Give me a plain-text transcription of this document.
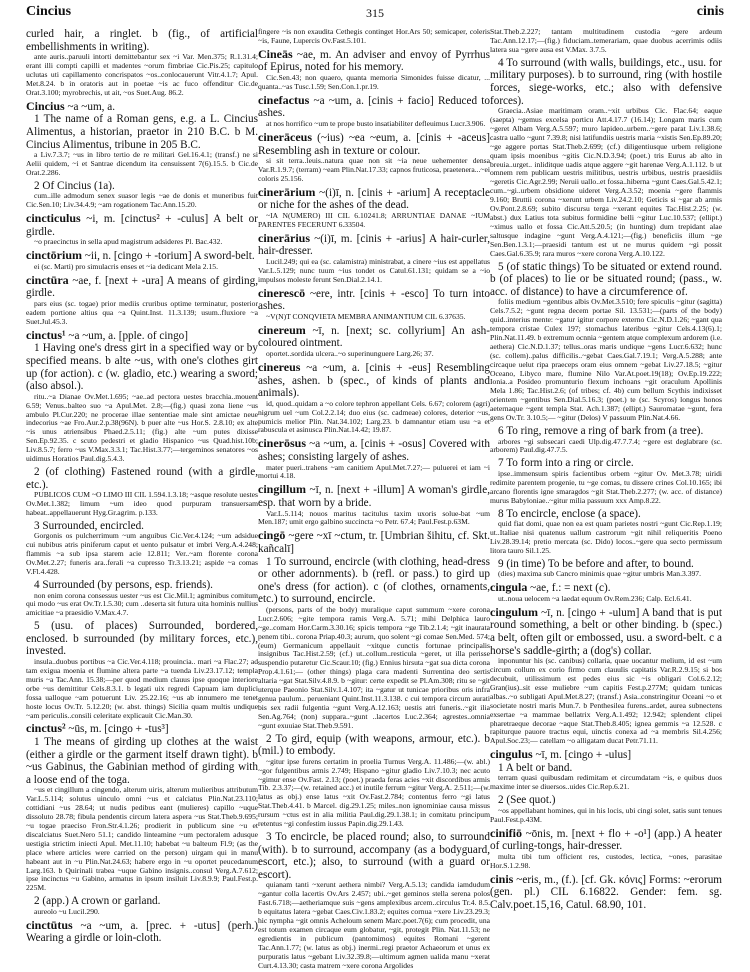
Cincius	315	cinis

curled hair, a ringlet. b (fig., of artificial embellishments in writing).

ante auris..paruuli intorti demittebantur sex ~i Var. Men.375; R.1.31.4; erant illi compti capilli et madentes ~orum fimbriae Cic.Pis.25; capitulo uclutas uti capillamento concrispatos ~os..conlocauerunt Vitr.4.1.7; Apul. Met.8.24. b in oratoris aut in poetae ~is ac fuco offenditur Cic.de Orat.3.100; myrobrechis, ut ait, ~os Suet.Aug. 86.2.

Cincius ~a ~um, a.

1 The name of a Roman gens, e.g. a L. Cincius Alimentus, a historian, praetor in 210 B.C. b M. Cincius Alimentus, tribune in 205 B.C.

a Liv.7.3.7; ~us in libro tertio de re militari Gel.16.4.1; (transf.) ne si Aelii quidem, ~i et Santrae dicendum ita censuissent 7(6).15.5. b Cic.de Orat.2.286.

2 Of Cincius (1a).

cum..ille admodum senex suasor legis ~ae de donis et muneribus fuit Cic.Sen.10; Liv.34.4.9; ~am rogationem Tac.Ann.15.20.

cincticulus ~i, m. [cinctus² + -culus] A belt or girdle.

~o praecinctus in sella apud magistrum adsideres Pl. Bac.432.

cinctōrium ~ii, n. [cingo + -torium] A sword-belt.

ei (sc. Marti) pro simulacris enses et ~ia dedicant Mela 2.15.

cinctūra ~ae, f. [next + -ura] A means of girding, girdle.

pars eius (sc. togae) prior mediis cruribus optime terminatur, posterior eadem portione altius qua ~a Quint.Inst. 11.3.139; usum..fluxiore ~a Suet.Jul.45.3.

cinctus¹ ~a ~um, a. [pple. of cingo]

1 Having one's dress girt in a specified way or by specified means. b alte ~us, with one's clothes girt up (for action). c (w. gladio, etc.) wearing a sword; (also absol.).

ritu..~a Dianae Ov.Met.1.695; ~ae..ad pectora uestes bracchia..mouent 6.59; Venus..balteo suo ~a Apul.Met. 2.8;—(fig.) quasi zona liene ~us ambulo Pl.Cur.220; ne procerae illae sententiae male sint amictae neue indecorius ~ae Fro.Aur.2.p.38(96N). b puer alte ~us Hor.S. 2.8.10; ex alte ~is unus atriensibus Phaed.2.5.11; (fig.) alte ~um putes dixisse Sen.Ep.92.35. c scuto pedestri et gladio Hispanico ~us Quad.hist.10b; Liv.8.5.7; ferro ~us V.Max.3.3.1; Tac.Hist.3.77;—tergeminos senatores ~os uidimus Horatios Paul.dig.5.4.3.

2 (of clothing) Fastened round (with a girdle, etc.).

PUBLICOS CUM ~O LIMO III CIL 1.594.1.3.18; ~asque resolute uestes Ov.Met.1.382; limum ~um ideo quod purpuram transuersam habeat..appellauerunt Hyg.Gr.agrim. p.133.

3 Surrounded, encircled.

Gorgonis os pulcherrimum ~um anguibus Cic.Ver.4.124; ~um adsidue cui nubibus atris piniferum caput et uento pulsatur et imbri Verg.A.4.248; flammis ~a sub ipsa starem acie 12.811; Ver..~am florente corona Ov.Met.2.27; funeris ara..ferali ~a cupresso Tr.3.13.21; aspide ~a comas V.Fl.4.428.

4 Surrounded (by persons, esp. friends).

non enim corona consessus uester ~us est Cic.Mil.1; agminibus comitum qui modo ~us erat Ov.Tr.1.5.30; cum ..deserta sit futura uita hominis nullius amicitiae ~a praesidio V.Max.4.7.

5 (usu. of places) Surrounded, bordered, enclosed. b surrounded (by military forces, etc.), invested.

insula..duobus portibus ~a Cic.Ver.4.118; prouincia.. mari ~a Flac.27; ad tam exigua moenia et flumine altera parte ~a tuenda Liv.23.17.12; templa muris ~a Tac.Ann. 15.38;—per quod medium clauus ipse quoque interiore orbe ~us demittitur Cels.8.3.1. b legati uix regredi Capuam iam duplici fossa ualloque ~am potuerunt Liv. 25.22.16; ~us ab innumero me tenet hoste locus Ov.Tr. 5.12.20; (w. abst. things) Sicilia quam multis undique ~am periculis..consili celeritate explicauit Cic.Man.30.

cinctus² ~ūs, m. [cingo + -tus³]

1 The means of girding up clothes at the waist (either a girdle or the garment itself drawn tight). b ~us Gabinus, the Gabinian method of girding with a loose end of the toga.

~us et cingillum a cingendo, alterum uiris, alterum mulieribus attributum Var.L.5.114; solutus uinculo omni ~us et calciatus Plin.Nat.23.110; cottidiani ~us 28.64; ut nudis pedibus eant (mulieres) capillo ~uque dissoluto 28.78; fibula pendentis circum latera aspera ~us Stat.Theb.9.695; ~u togae praeciso Fron.Str.4.1.26; prodierit in publicum sine ~u et discalciatus Suet.Nero 51.1; candido linteamine ~um pectoralem adusque uestigia strictim iniecti Apul. Met.11.10; habebat ~u balteum Fl.9; (as the place where articles were carried on the person) uirgam qui in manu habeant aut in ~u Plin.Nat.24.63; habere ergo in ~u oportet peucedanum Larg.163. b Quirinali trabea ~uque Gabino insignis..consul Verg.A.7.612; ipse incinctus ~u Gabino, armatus in ipsum insiluit Liv.8.9.9; Paul.Fest.p. 225M.

2 (app.) A crown or garland.

aureolo ~u Lucil.290.

cinctūtus ~a ~um, a. [prec. + -utus] (perh.) Wearing a girdle or loin-cloth.

fingere ~is non exaudita Cethegis continget Hor.Ars 50; semicaper, coleris ~is, Faune, Lupercis Ov.Fast.5.101.

Cineās ~ae, m. An adviser and envoy of Pyrrhus of Epirus, noted for his memory.

Cic.Sen.43; non quaero, quanta memoria Simonides fuisse dicatur, ... quanta..~as Tusc.1.59; Sen.Con.1.pr.19.

cinefactus ~a ~um, a. [cinis + facio] Reduced to ashes.

at nos horrifico ~um te prope busto insatiabiliter defleuimus Lucr.3.906.

cinerāceus (~ius) ~ea ~eum, a. [cinis + -aceus] Resembling ash in texture or colour.

si sit terra..leuis..natura quae non sit ~ia neue uehementer densa Var.R.1.9.7; (terram) ~eam Plin.Nat.17.33; capnos fruticosa, praetenera...~ei coloris 25.156.

cinerārium ~(i)ī, n. [cinis + -arium] A receptacle or niche for the ashes of the dead.

~IA N(UMERO) III CIL 6.10241.8; ARRUNTIAE DANAE ~IUM PARENTES FECERUNT 6.33504.

cinerārius ~(i)ī, m. [cinis + -arius] A hair-curler, hair-dresser.

Lucil.249; qui ea (sc. calamistra) ministrabat, a cinere ~ius est appellatus Var.L.5.129; nunc tuum ~ius tondet os Catul.61.131; quidam se a ~io impulsos moleste ferunt Sen.Dial.2.14.1.

cinerescō ~ere, intr. [cinis + -esco] To turn into ashes.

~V(N)T CONQVIETA MEMBRA ANIMANTIUM CIL 6.37635.

cinereum ~ī, n. [next; sc. collyrium] An ash-coloured ointment.

oportet..sordida ulcera..~o superinunguere Larg.26; 37.

cinereus ~a ~um, a. [cinis + -eus] Resembling ashes, ashen. b (spec., of kinds of plants and animals).

id, quod..quidam a ~o colore tephron appellant Cels. 6.67; colorem (agri) nigrum uel ~um Col.2.2.14; duo eius (sc. cadmeae) colores, deterior ~us, pumicis melior Plin. Nat.34.102; Larg.23. b damnantur etiam usu ~a et rabuscula et asinusca Plin.Nat.14.42; 19.87.

cinerōsus ~a ~um, a. [cinis + -osus] Covered with ashes; consisting largely of ashes.

mater pueri..trahens ~am canitiem Apul.Met.7.27;— puluerei et iam ~i mortui 4.18.

cingillum ~ī, n. [next + -illum] A woman's girdle, esp. that worn by a bride.

Var.L.5.114; nouos maritus tacitulus taxim uxoris solue-bat ~um Men.187; umit ergo galbino succincta ~o Petr. 67.4; Paul.Fest.p.63M.

cingō ~gere ~xī ~ctum, tr. [Umbrian šihitu, cf. Skt. kañcalī]

1 To surround, encircle (with clothing, head-dress or other adornments). b (refl. or pass.) to gird up one's dress (for action). c (of clothes, ornaments, etc.) to surround, encircle.

(persons, parts of the body) muralique caput summum ~xere corona Lucr.2.606; ~gite tempora ramis Verg.A. 5.71; mihi Delphica lauro ~ge..comam Hor.Carm.3.30.16; spicis tempora ~ge Tib.2.1.4; ~git inaurata penem tibi.. corona Priap.40.3; aurum, quo solent ~gi comae Sen.Med. 574; (eum) Germanicum appellauit ~xitque cunctis fortunae principalis insignibus Tac.Hist.2.59; (cf.) ut..collum..resticula ~geret, ut illa perisse suspendio putaretur Cic.Scaur.10; (fig.) Ennius hirsuta ~gat sua dicta corona Prop.4.1.61;— (other things) plaga cara madenti Surrentina deo sertis altaria ~gat Stat.Silv.4.8.9. b ~gitur: certe expedit se Pl.Am.308; ritu se ~git uterque Paeonio Stat.Silv.1.4.107; ita ~gatur ut tunicae prioribus oris infra genua paulum.. perueniant Quint.Inst.11.3.138. c cui tempora circum aurati bis sex radii fulgentia ~gunt Verg.A.12.163; uestis atri funeris..~git ilia Sen.Ag.764; (non) suppara..~gunt ..lacertos Luc.2.364; agrestes..omnia ~gunt exuuiae Stat.Theb.9.591.

2 To gird, equip (with weapons, armour, etc.). b (mil.) to embody.

~gitur ipse furens certatim in proelia Turnus Verg.A. 11.486;—(w. abl.) ~gor fulgentibus armis 2.749; Hispano ~gitur gladio Liv.7.10.3; nec acuto ~gimur ense Ov.Fast. 2.13; (poet.) praeda feras acies ~xit discordibus armis Tib. 2.3.37;—(w. retained acc.) et inutile ferrum ~gitur Verg.A. 2.511;—(w. latus as obj.) ense latus ~xit Ov.Fast.2.784; contentus ferro ~gi latus Stat.Theb.4.41. b Marcel. dig.29.1.25; miles..non ignominiae causa missus rursum ~ctus est in alia militia Paul.dig.29.1.38.1; in comitatu principum retentus ~gi confestim iussus Papin.dig.29.1.43.

3 To encircle, be placed round; also, to surround (with). b to surround, accompany (as a bodyguard, escort, etc.); also, to surround (with a guard or escort).

quianam tanti ~xerunt aethera nimbi? Verg.A.5.13; candida iamdudum ~gantur colla lacertis Ov.Ars 2.457; ubi..~get geminos stella serena polos Fast.6.718;—aetheriamque suis ~gens amplexibus arcem..circulus Tr.4. 8.5. b equitatus latera ~gebat Caes.Civ.1.83.2; equites cornua ~xere Liv.23.29.3; hic nympha ~git omnis Acheloum senem Marc.poet.7(6); cum procedit, una est totum examen circaque eum globatur, ~git, protegit Plin. Nat.11.53; ne egredientis in publicum (pantomimos) equites Romani ~gerent Tac.Ann.1.77; (w. latus as obj.) inermi..regi praetor Achaeorum et unus ex purpuratis latus ~gebant Liv.32.39.8;—ultimum agmen ualida manu ~xerat Curt.4.13.30; casta matrem ~xere corona Argolides

Stat.Theb.2.227; tantam multitudinem custodia ~gere ardeum Tac.Ann.12.17;—(fig.) fiduciam..temerariam, quae duobus acerrimis odiis latera sua ~gere ausa est V.Max. 3.7.5.

4 To surround (with walls, buildings, etc., usu. for military purposes). b to surround, ring (with hostile forces, siege-works, etc.; also with defensive forces).

Graecia..Asiae maritimam oram..~xit urbibus Cic. Flac.64; eaque (saepta) ~gemus excelsa porticu Att.4.17.7 (16.14); Longam maris cum ~geret Albam Verg.A.5.597; muro lapideo..urbem..~gere parat Liv.1.38.6; castra uallo ~gunt 7.39.8; nisi latifundiis uestris maria ~xistis Sen.Ep.89.20; ~ge aggere portas Stat.Theb.2.699; (cf.) diligentiusque urbem religione quam ipsis moenibus ~gitis Cic.N.D.3.94; (poet.) tris Eurus ab alto in breuia..urget.. inliditque uadis atque aggere ~git harenae Verg.A.1.112. b ut omnem rem publicam uestris militibus, uestris urbibus, uestris praesidiis ~geretis Cic.Agr.2.99; Neruii uallo..et fossa..hiberna ~gunt Caes.Gal.5.42.1; cum..~gi..urbem obsidione uideret Verg.A.3.52; moenia ~gere flammis 9.160; Bruttii corona ~xerunt urbem Liv.24.2.10; Geticis si ~gar ab armis Ov.Pont.2.8.69; subito discursu terga ~xerant equites Tac.Hist.2.25; (w. abst.) dux Latius tota subitus formidine belli ~gitur Luc.10.537; (ellipt.) ~ximus uallo et fossa Cic.Att.5.20.5; (in hunting) dum trepidant alae saltusque indagine ~gunt Verg.A.4.121;—(fig.) beneficiis illum ~ge Sen.Ben.1.3.1;—praesidi tantum est ut ne murus quidem ~gi possit Caes.Gal.6.35.9; rara muros ~xere corona Verg.A.10.122.

5 (of static things) To be situated or extend round. b (of places) to lie or be situated round; (pass., w. acc. of distance) to have a circumference of.

foliis medium ~gentibus albis Ov.Met.3.510; fere spiculis ~gitur (sagitta) Cels.7.5.2; ~gunt regna decem portae Sil. 13.531;—(parts of the body) quid..interius mente: ~gatur igitur corpore externo Cic.N.D.1.26; ~gant qua tempora cristae Culex 197; stomachus lateribus ~gitur Cels.4.13(6).1; Plin.Nat.11.49. b extremum ocnnia ~gentem atque complexum ardorem (i.e. aethera) Cic.N.D.1.37; tellus..oras maris undique ~gens Lucr.6.632; hunc (sc. collem)..palus difficilis..~gebat Caes.Gal.7.19.1; Verg.A.5.288; ante circaque uelut ripa praeceps oram eius omnem ~gebat Liv.27.18.5; ~gitur Oceano, Libyco mare, flumine Nilo Var.At.poet.19(18); Ov.Ep.19.222; Ionia..a Posideo promunturio flexum inchoans ~git oraculum Apollinis Mela 1.86; Tac.Hist.2.6; (of tribes; cf. 4b) cum bellum Scythis indixisset orientem ~gentibus Sen.Dial.5.16.3; (poet.) te (sc. Scyros) longus honos aeternaque ~gent templa Stat. Ach.1.387; (ellipt.) Sauromatae ~gunt, fera gens Ov.Tr. 3.10.5;— ~gitur (Delos) V passuum Plin.Nat.4.66.

6 To ring, remove a ring of bark from (a tree).

arbores ~gi subsecari caedi Ulp.dig.47.7.7.4; ~gere est deglabrare (sc. arborem) Paul.dig.47.7.5.

7 To form into a ring or circle.

ipse..immensum spiris facientibus orbem ~gitur Ov. Met.3.78; uiridi redimite parentem progenie, tu ~ge comas, tu dissere crines Col.10.165; ibi arcano florentis igne smaragdos ~git Stat.Theb.2.277; (w. acc. of distance) murus Babyloniae..~gitur milia passuum xxx Amp.8.22.

8 To encircle, enclose (a space).

quid fiat domi, quae non ea est quam parietes nostri ~gunt Cic.Rep.1.19; ut..Italiae nisi quatenus uallum castrorum ~git nihil reliqueritis Poeno Liv.28.39.14; pretio mercata (sc. Dido) locos..~gere qua secto permissum litora tauro Sil.1.25.

9 (in time) To be before and after, to bound.

(dies) maxima sub Cancro minimis quae ~gitur umbris Man.3.397.

cingula ~ae, f.: = next (c).

ut..noua uelocem ~a laedat equum Ov.Rem.236; Calp. Ecl.6.41.

cingulum ~ī, n. [cingo + -ulum] A band that is put round something, a belt or other binding. b (spec.) a belt, often gilt or embossed, usu. a sword-belt. c a horse's saddle-girth; a (dog's) collar.

inponuntur his (sc. canibus) collaria, quae uocantur melium, id est ~um circum collum ex corio firmo cum clauulis capitatis Var.R.2.9.15; si bos decubuit, utilissimum est pedes eius sic ~is obligari Col.6.2.12; Gran(ius)..sit esse muliebre ~um capitis Fest.p.277M; quidam tunicas albas..~o subligati Apul.Met.8.27; (transf.) Asia..constringitur Oceani ~o et societate nostri maris Mun.7. b Penthesilea furens..ardet, aurea subnectens exsertae ~a mammae bellatrix Verg.A.1.492; 12.942; splendent clipei pharetraeque decorae ~aque Stat.Theb.8.405; ignea gemmis ~a 12.528. c rapiturque pauore tractus equi, uinctis conexa ad ~a membris Sil.4.256; Apul.Soc.23;— catellam ~o alligatam ducat Petr.71.11.

cingulus ~ī, m. [cingo + -ulus]

1 A belt or band.

terram quasi quibusdam redimitam et circumdatam ~is, e quibus duos maxime inter se diuersos..uides Cic.Rep.6.21.

2 (See quot.)

~os appellabant homines, qui in his locis, ubi cingi solet, satis sunt tenues Paul.Fest.p.43M.

cinifiō ~ōnis, m. [next + flo + -o¹] (app.) A heater of curling-tongs, hair-dresser.

multa tibi tum officient res, custodes, lectica, ~ones, parasitae Hor.S.1.2.98.

cinis ~eris, m., (f.). [cf. Gk. κόνις] Forms: ~erorum (gen. pl.) CIL 6.16822. Gender: fem. sg. Calv.poet.15,16, Catul. 68.90, 101.
